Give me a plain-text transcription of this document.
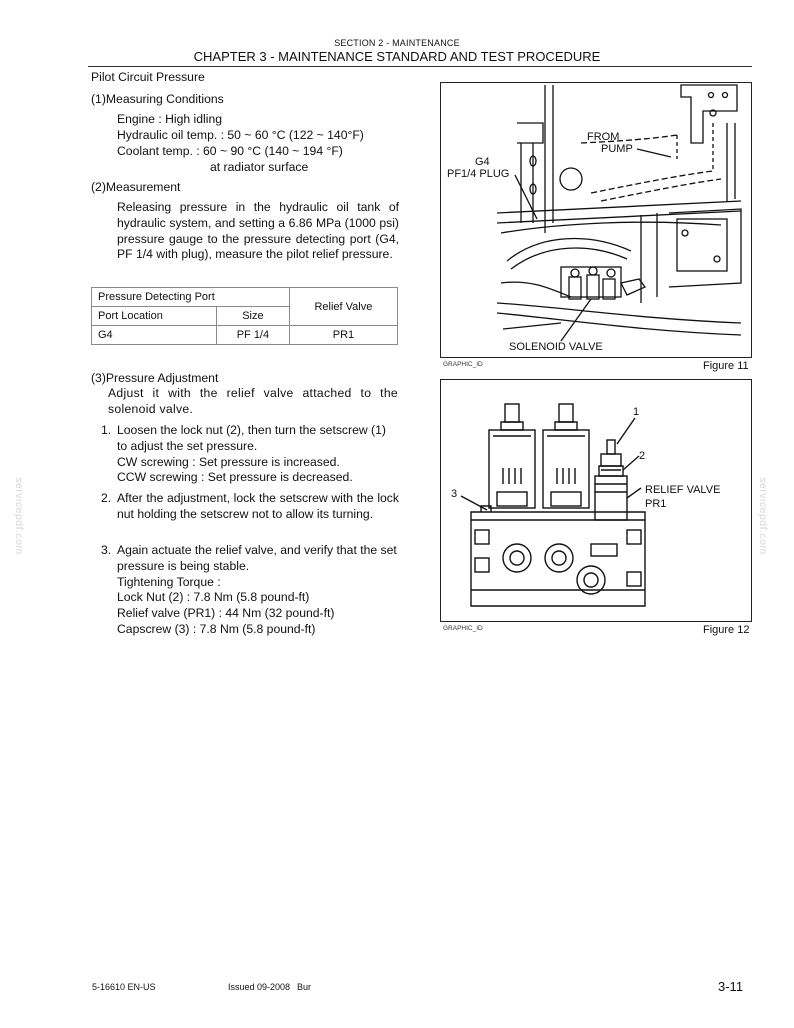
SECTION 2 - MAINTENANCE
CHAPTER 3 - MAINTENANCE STANDARD AND TEST PROCEDURE
Pilot Circuit Pressure
(1)Measuring Conditions
Engine : High idling
Hydraulic oil temp. : 50 ~ 60 °C (122 ~ 140°F)
Coolant temp. : 60 ~ 90 °C (140 ~ 194 °F)
at radiator surface
(2)Measurement
Releasing pressure in the hydraulic oil tank of hydraulic system, and setting a 6.86 MPa (1000 psi) pressure gauge to the pressure detecting port (G4, PF 1/4 with plug), measure the pilot relief pressure.
Pressure Detecting Port		Relief Valve
Port Location	Size	
G4	PF 1/4	PR1
(3)Pressure Adjustment
Adjust it with the relief valve attached to the solenoid valve.
1. Loosen the lock nut (2), then turn the setscrew (1) to adjust the set pressure.
CW screwing : Set pressure is increased.
CCW screwing : Set pressure is decreased.
2. After the adjustment, lock the setscrew with the lock nut holding the setscrew not to allow its turning.
3. Again actuate the relief valve, and verify that the set pressure is being stable.
Tightening Torque :
Lock Nut (2) : 7.8 Nm (5.8 pound-ft)
Relief valve (PR1) : 44 Nm (32 pound-ft)
Capscrew (3) : 7.8 Nm (5.8 pound-ft)
FROM
PUMP
G4
PF1/4 PLUG
SOLENOID VALVE
GRAPHIC_ID	Figure 11
1
2
3	RELIEF VALVE
PR1
GRAPHIC_ID	Figure 12
servicepdf.com	servicepdf.com
5-16610 EN-US	Issued 09-2008 Bur	3-11
